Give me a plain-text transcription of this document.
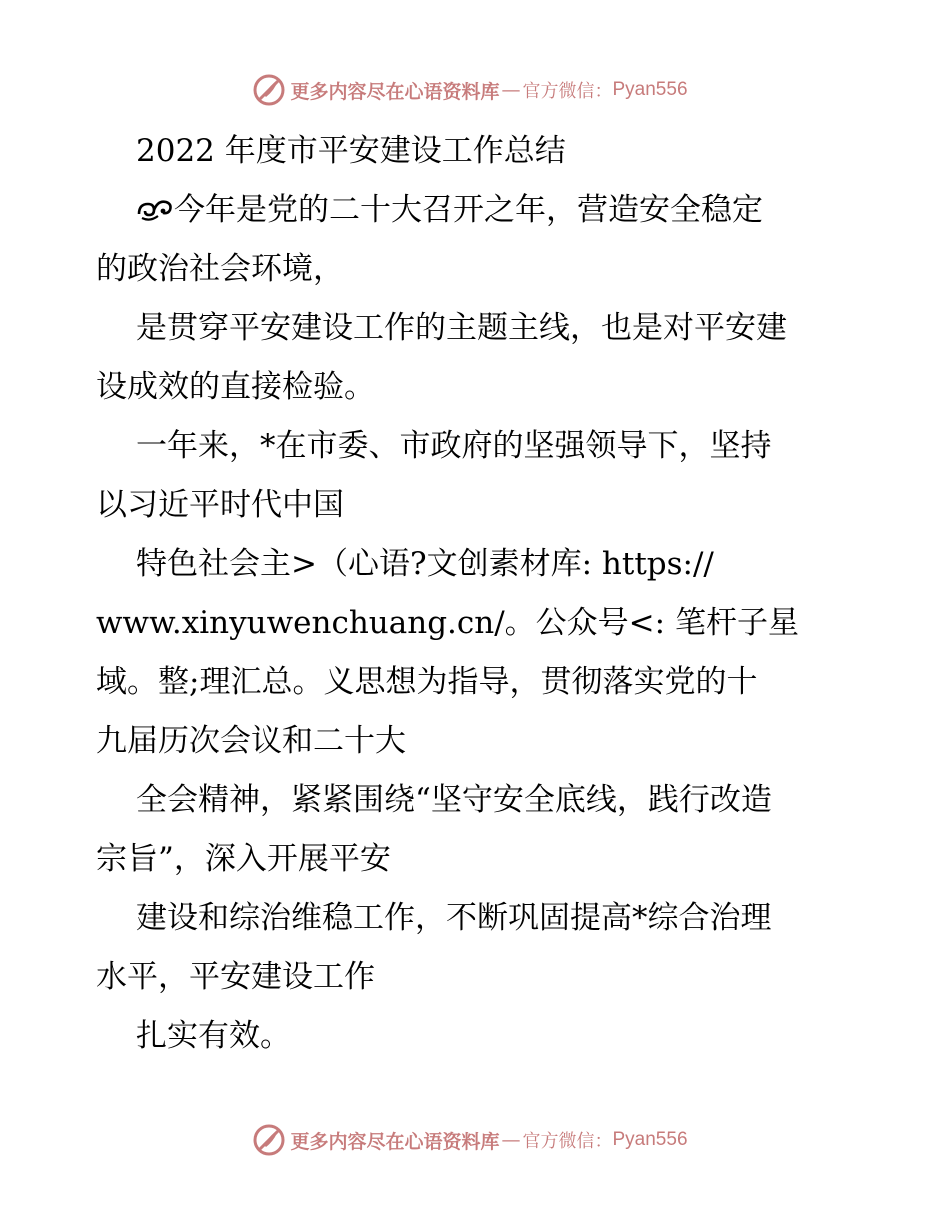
更多内容尽在心语资料库 — 官方微信： Pyan556
2022 年度市平安建设工作总结
今年是党的二十大召开之年，营造安全稳定
的政治社会环境，
是贯穿平安建设工作的主题主线，也是对平安建
设成效的直接检验。
一年来，*在市委、市政府的坚强领导下，坚持
以习近平时代中国
特色社会主>（心语?文创素材库: https://
www.xinyuwenchuang.cn/。公众号<: 笔杆子星
域。整;理汇总。义思想为指导，贯彻落实党的十
九届历次会议和二十大
全会精神，紧紧围绕“坚守安全底线，践行改造
宗旨”，深入开展平安
建设和综治维稳工作，不断巩固提高*综合治理
水平，平安建设工作
扎实有效。
更多内容尽在心语资料库 — 官方微信： Pyan556
